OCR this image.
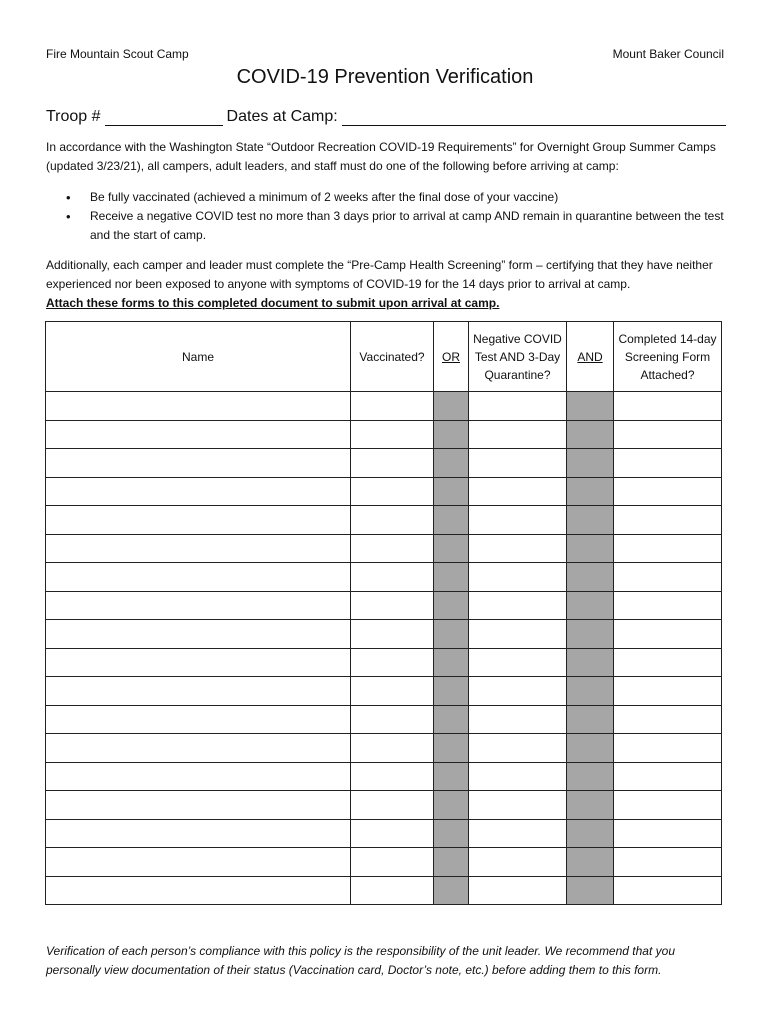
Fire Mountain Scout Camp	Mount Baker Council
COVID-19 Prevention Verification
Troop #	Dates at Camp:
In accordance with the Washington State “Outdoor Recreation COVID-19 Requirements” for Overnight Group Summer Camps (updated 3/23/21), all campers, adult leaders, and staff must do one of the following before arriving at camp:
• Be fully vaccinated (achieved a minimum of 2 weeks after the final dose of your vaccine)
• Receive a negative COVID test no more than 3 days prior to arrival at camp AND remain in quarantine between the test and the start of camp.
Additionally, each camper and leader must complete the “Pre-Camp Health Screening” form – certifying that they have neither experienced nor been exposed to anyone with symptoms of COVID-19 for the 14 days prior to arrival at camp.
Attach these forms to this completed document to submit upon arrival at camp.
Name	Vaccinated?	OR	Negative COVID Test AND 3-Day Quarantine?	AND	Completed 14-day Screening Form Attached?

Verification of each person’s compliance with this policy is the responsibility of the unit leader. We recommend that you personally view documentation of their status (Vaccination card, Doctor’s note, etc.) before adding them to this form.
